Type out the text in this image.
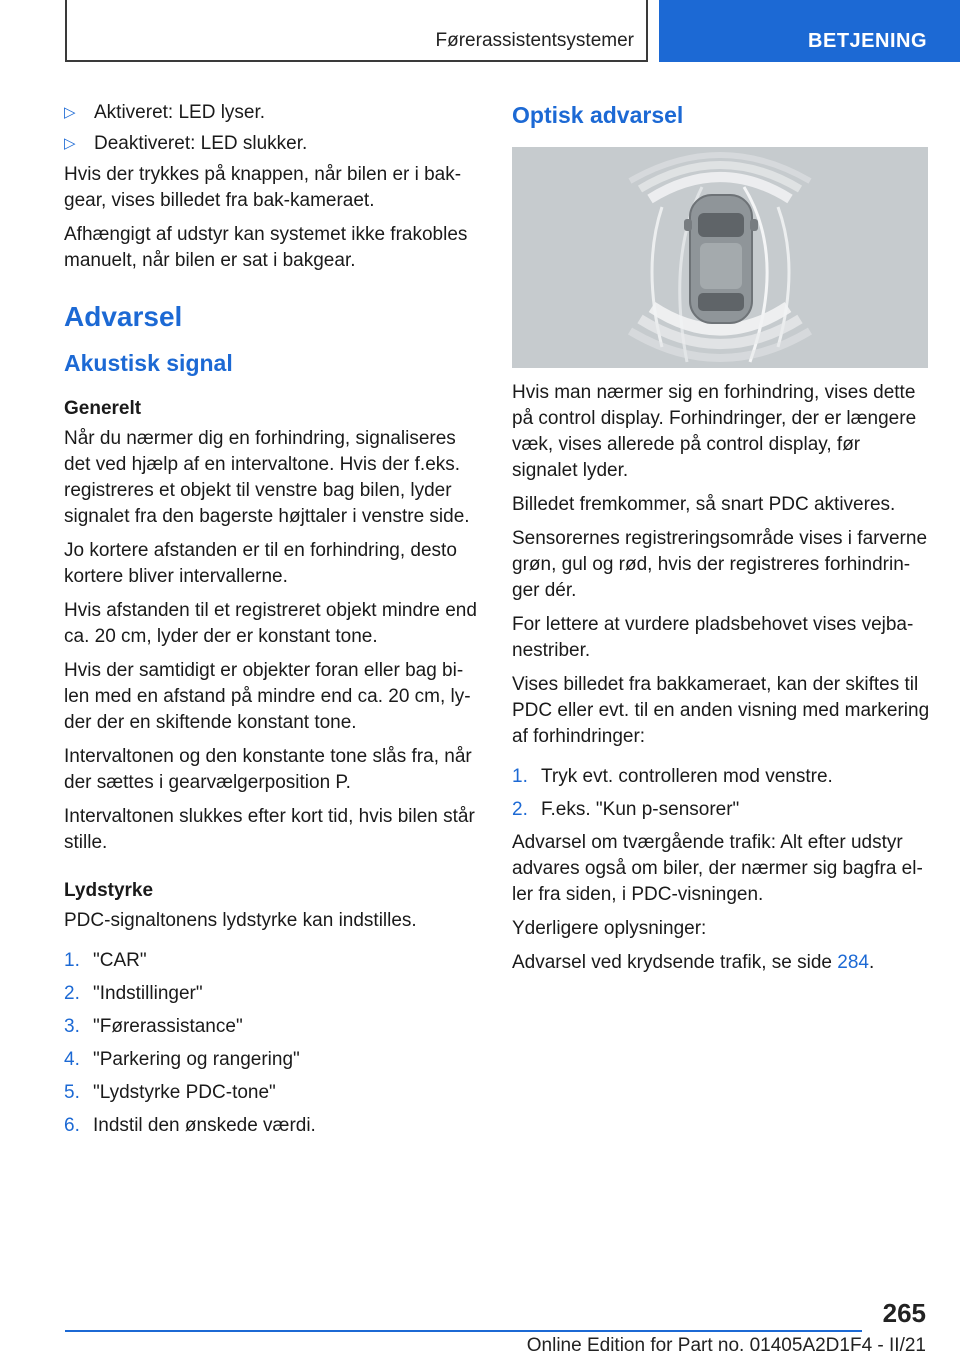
Førerassistentsystemer	BETJENING
▷ Aktiveret: LED lyser.
▷ Deaktiveret: LED slukker.

Hvis der trykkes på knappen, når bilen er i bak-gear, vises billedet fra bak-kameraet.

Afhængigt af udstyr kan systemet ikke frakobles manuelt, når bilen er sat i bakgear.

Advarsel
Akustisk signal
Generelt

Når du nærmer dig en forhindring, signaliseres det ved hjælp af en intervaltone. Hvis der f.eks. registreres et objekt til venstre bag bilen, lyder signalet fra den bagerste højttaler i venstre side.

Jo kortere afstanden er til en forhindring, desto kortere bliver intervallerne.

Hvis afstanden til et registreret objekt mindre end ca. 20 cm, lyder der er konstant tone.

Hvis der samtidigt er objekter foran eller bag bi-len med en afstand på mindre end ca. 20 cm, ly-der der en skiftende konstant tone.

Intervaltonen og den konstante tone slås fra, når der sættes i gearvælgerposition P.

Intervaltonen slukkes efter kort tid, hvis bilen står stille.

Lydstyrke

PDC-signaltonens lydstyrke kan indstilles.

1. "CAR"
2. "Indstillinger"
3. "Førerassistance"
4. "Parkering og rangering"
5. "Lydstyrke PDC-tone"
6. Indstil den ønskede værdi.
Optisk advarsel

Hvis man nærmer sig en forhindring, vises dette på control display. Forhindringer, der er længere væk, vises allerede på control display, før signalet lyder.

Billedet fremkommer, så snart PDC aktiveres.

Sensorernes registreringsområde vises i farverne grøn, gul og rød, hvis der registreres forhindrin-ger dér.

For lettere at vurdere pladsbehovet vises vejba-nestriber.

Vises billedet fra bakkameraet, kan der skiftes til PDC eller evt. til en anden visning med markering af forhindringer:

1. Tryk evt. controlleren mod venstre.
2. F.eks. "Kun p-sensorer"

Advarsel om tværgående trafik: Alt efter udstyr advares også om biler, der nærmer sig bagfra el-ler fra siden, i PDC-visningen.

Yderligere oplysninger:

Advarsel ved krydsende trafik, se side 284.

265
Online Edition for Part no. 01405A2D1F4 - II/21
